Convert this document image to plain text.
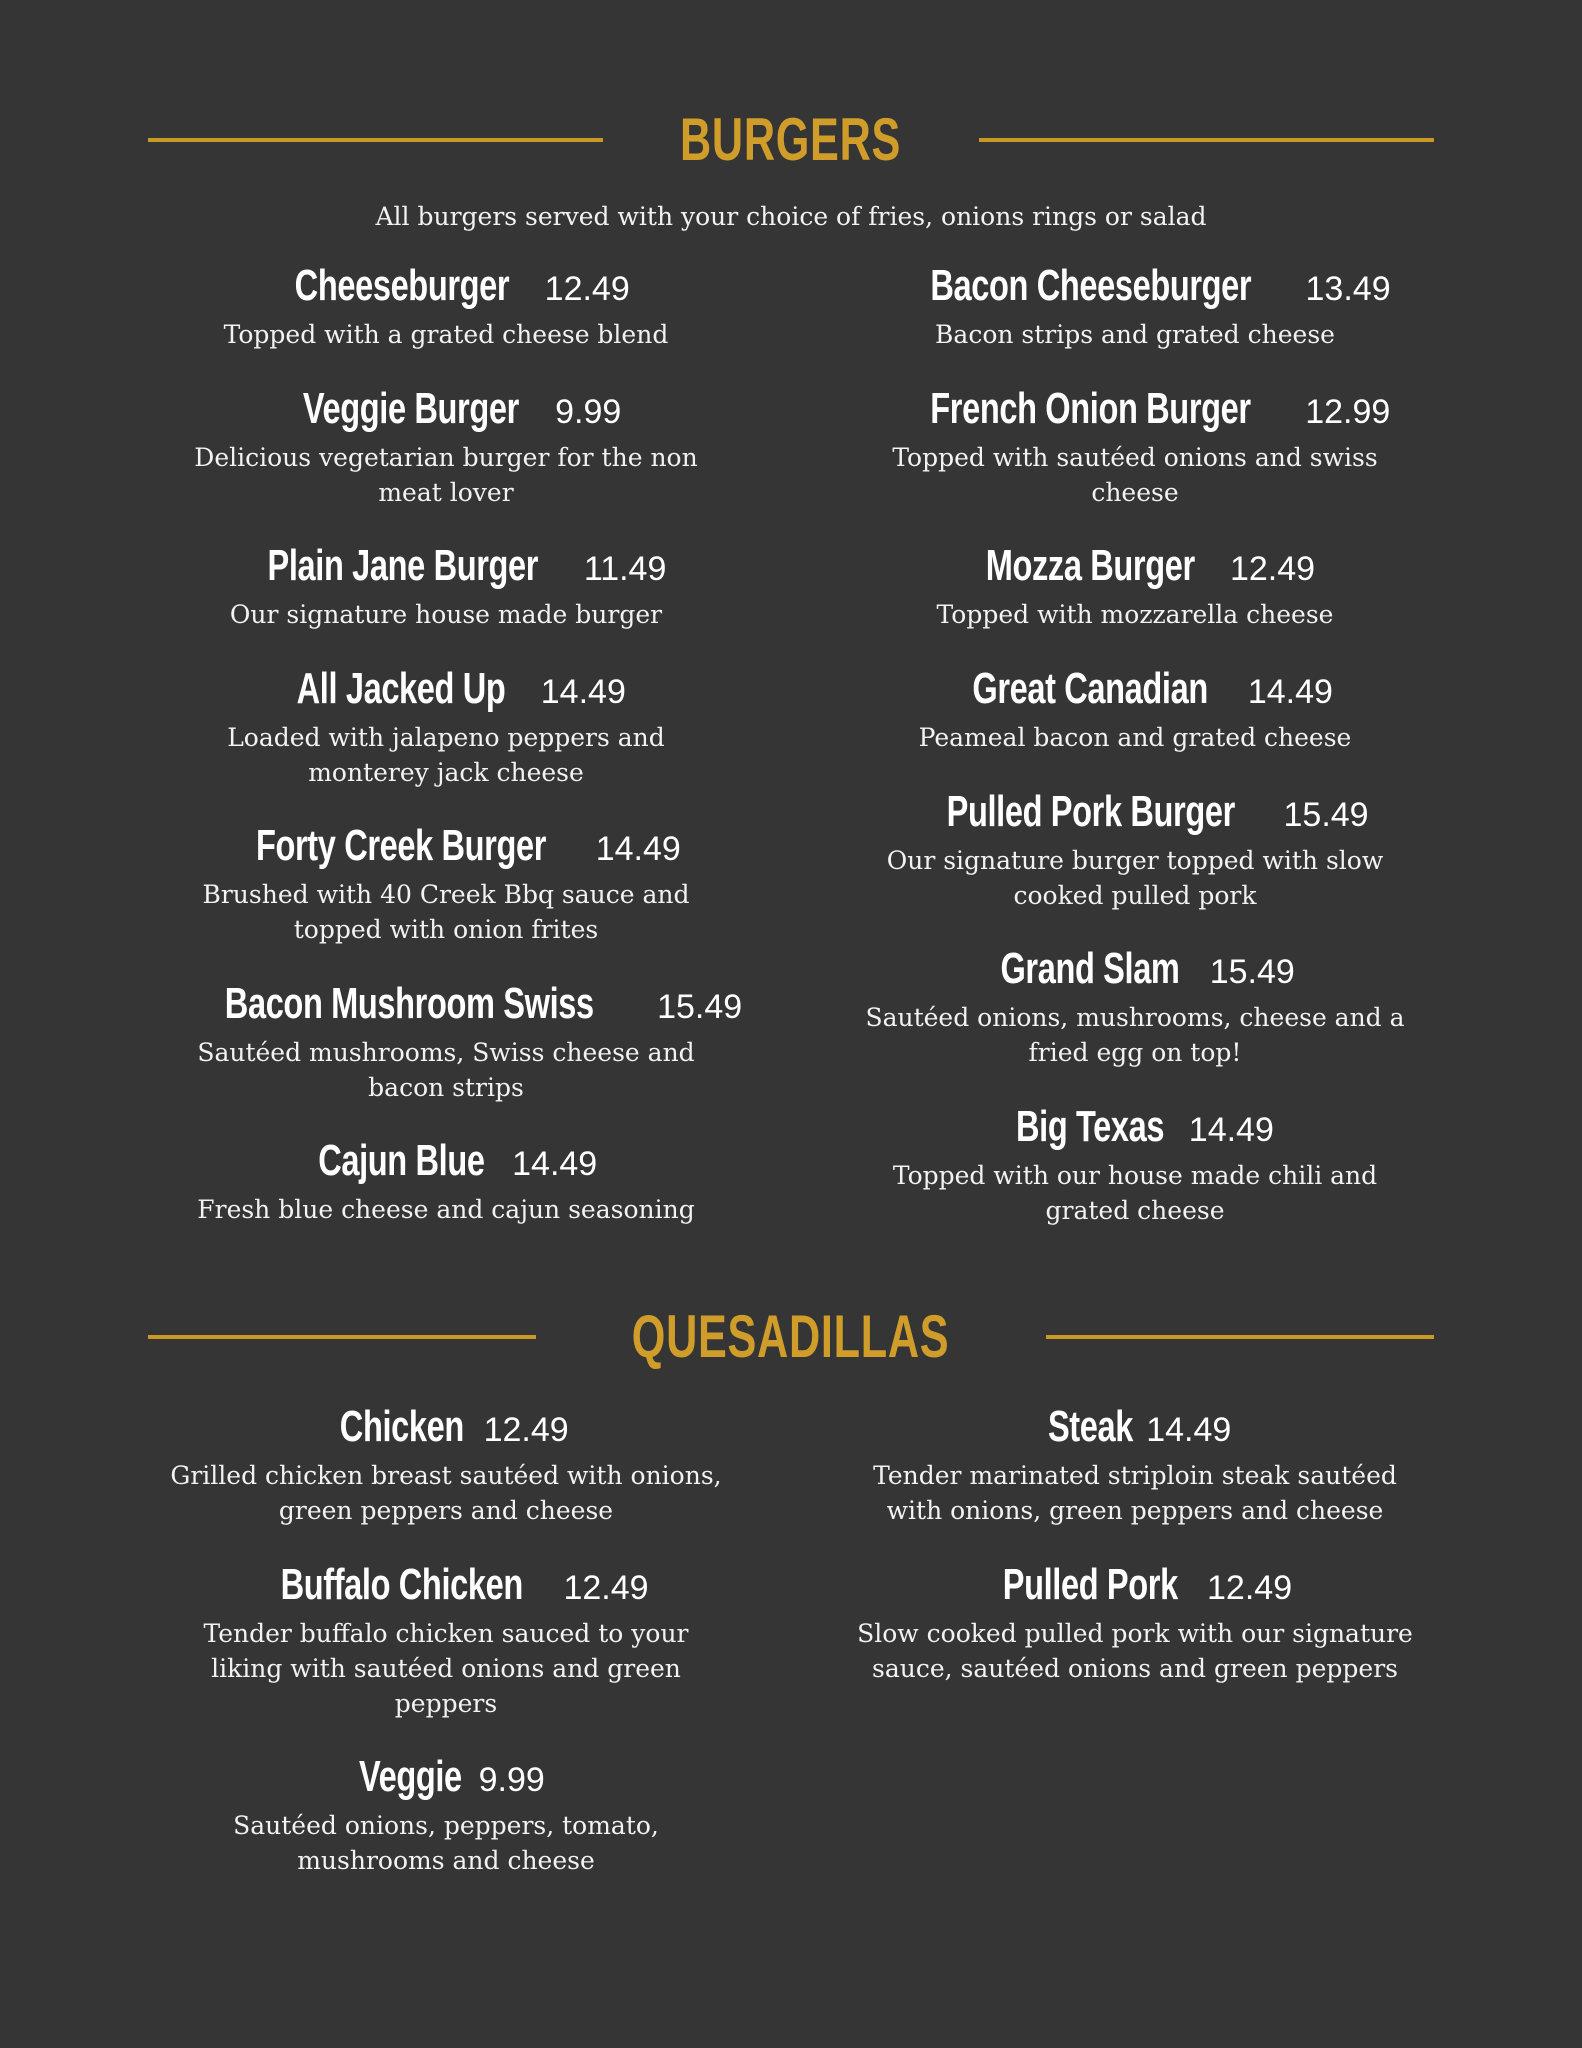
BURGERS
All burgers served with your choice of fries, onions rings or salad
Cheeseburger 12.49
Topped with a grated cheese blend
Veggie Burger 9.99
Delicious vegetarian burger for the non meat lover
Plain Jane Burger 11.49
Our signature house made burger
All Jacked Up 14.49
Loaded with jalapeno peppers and monterey jack cheese
Forty Creek Burger 14.49
Brushed with 40 Creek Bbq sauce and topped with onion frites
Bacon Mushroom Swiss 15.49
Sautéed mushrooms, Swiss cheese and bacon strips
Cajun Blue 14.49
Fresh blue cheese and cajun seasoning
Bacon Cheeseburger 13.49
Bacon strips and grated cheese
French Onion Burger 12.99
Topped with sautéed onions and swiss cheese
Mozza Burger 12.49
Topped with mozzarella cheese
Great Canadian 14.49
Peameal bacon and grated cheese
Pulled Pork Burger 15.49
Our signature burger topped with slow cooked pulled pork
Grand Slam 15.49
Sautéed onions, mushrooms, cheese and a fried egg on top!
Big Texas 14.49
Topped with our house made chili and grated cheese
QUESADILLAS
Chicken 12.49
Grilled chicken breast sautéed with onions, green peppers and cheese
Buffalo Chicken 12.49
Tender buffalo chicken sauced to your liking with sautéed onions and green peppers
Veggie 9.99
Sautéed onions, peppers, tomato, mushrooms and cheese
Steak 14.49
Tender marinated striploin steak sautéed with onions, green peppers and cheese
Pulled Pork 12.49
Slow cooked pulled pork with our signature sauce, sautéed onions and green peppers
